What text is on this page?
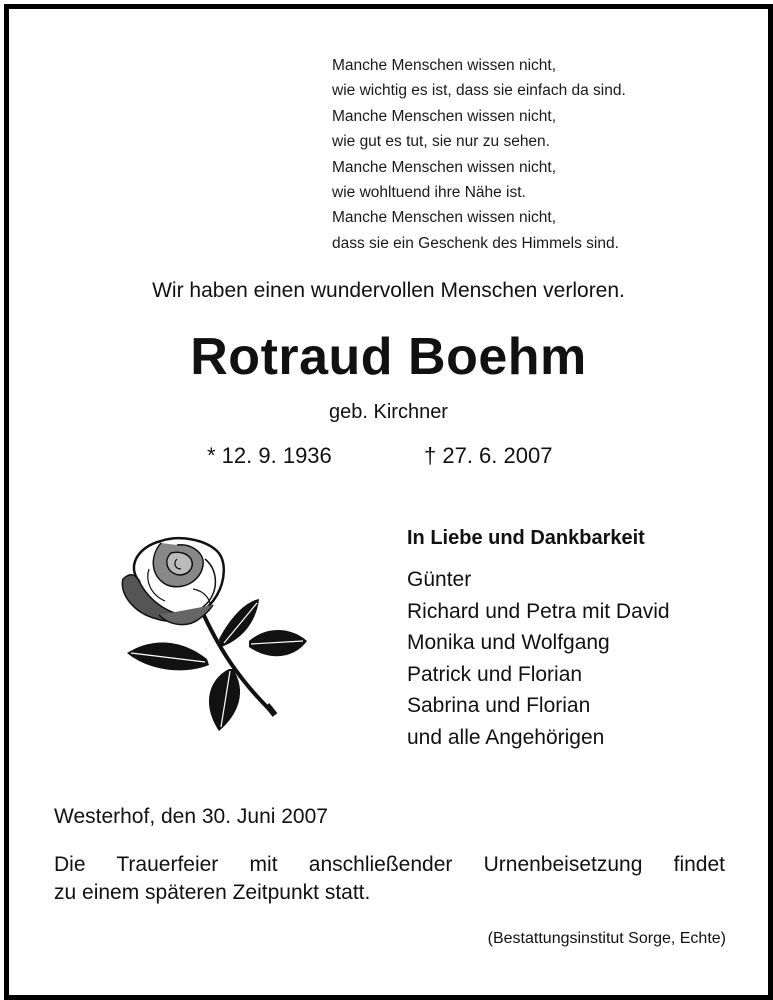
Manche Menschen wissen nicht,
wie wichtig es ist, dass sie einfach da sind.
Manche Menschen wissen nicht,
wie gut es tut, sie nur zu sehen.
Manche Menschen wissen nicht,
wie wohltuend ihre Nähe ist.
Manche Menschen wissen nicht,
dass sie ein Geschenk des Himmels sind.
Wir haben einen wundervollen Menschen verloren.
Rotraud Boehm
geb. Kirchner
* 12. 9. 1936	† 27. 6. 2007
In Liebe und Dankbarkeit
Günter
Richard und Petra mit David
Monika und Wolfgang
Patrick und Florian
Sabrina und Florian
und alle Angehörigen
Westerhof, den 30. Juni 2007
Die Trauerfeier mit anschließender Urnenbeisetzung findet
zu einem späteren Zeitpunkt statt.
(Bestattungsinstitut Sorge, Echte)
